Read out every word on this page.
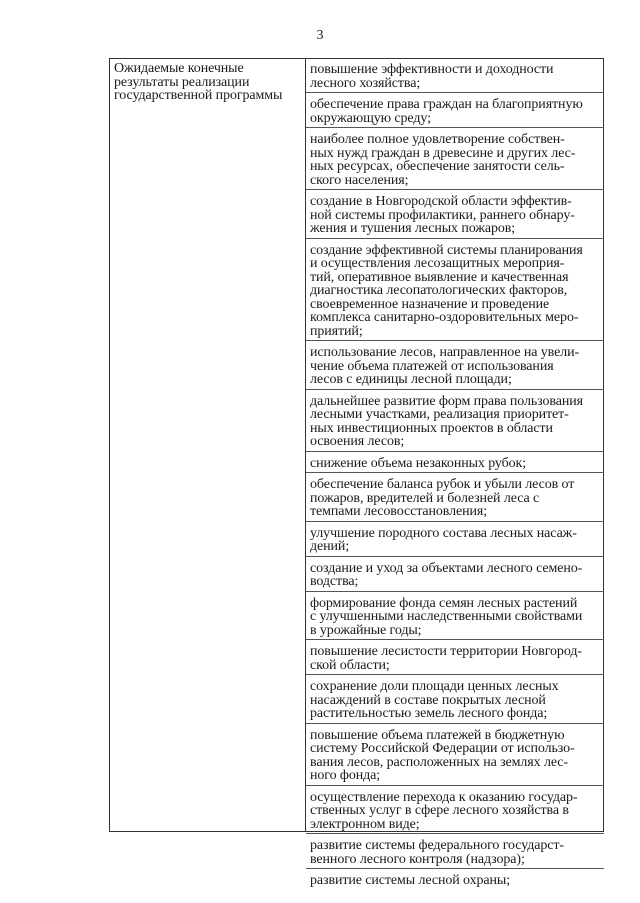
3
Ожидаемые конечные результаты реализации государственной программы
повышение эффективности и доходности
лесного хозяйства;
обеспечение права граждан на благоприятную
окружающую среду;
наиболее полное удовлетворение собствен-
ных нужд граждан в древесине и других лес-
ных ресурсах, обеспечение занятости сель-
ского населения;
создание в Новгородской области эффектив-
ной системы профилактики, раннего обнару-
жения и тушения лесных пожаров;
создание эффективной системы планирования
и осуществления лесозащитных мероприя-
тий, оперативное выявление и качественная
диагностика лесопатологических факторов,
своевременное назначение и проведение
комплекса санитарно-оздоровительных меро-
приятий;
использование лесов, направленное на увели-
чение объема платежей от использования
лесов с единицы лесной площади;
дальнейшее развитие форм права пользования
лесными участками, реализация приоритет-
ных инвестиционных проектов в области
освоения лесов;
снижение объема незаконных рубок;
обеспечение баланса рубок и убыли лесов от
пожаров, вредителей и болезней леса с
темпами лесовосстановления;
улучшение породного состава лесных насаж-
дений;
создание и уход за объектами лесного семено-
водства;
формирование фонда семян лесных растений
с улучшенными наследственными свойствами
в урожайные годы;
повышение лесистости территории Новгород-
ской области;
сохранение доли площади ценных лесных
насаждений в составе покрытых лесной
растительностью земель лесного фонда;
повышение объема платежей в бюджетную
систему Российской Федерации от использо-
вания лесов, расположенных на землях лес-
ного фонда;
осуществление перехода к оказанию государ-
ственных услуг в сфере лесного хозяйства в
электронном виде;
развитие системы федерального государст-
венного лесного контроля (надзора);
развитие системы лесной охраны;
